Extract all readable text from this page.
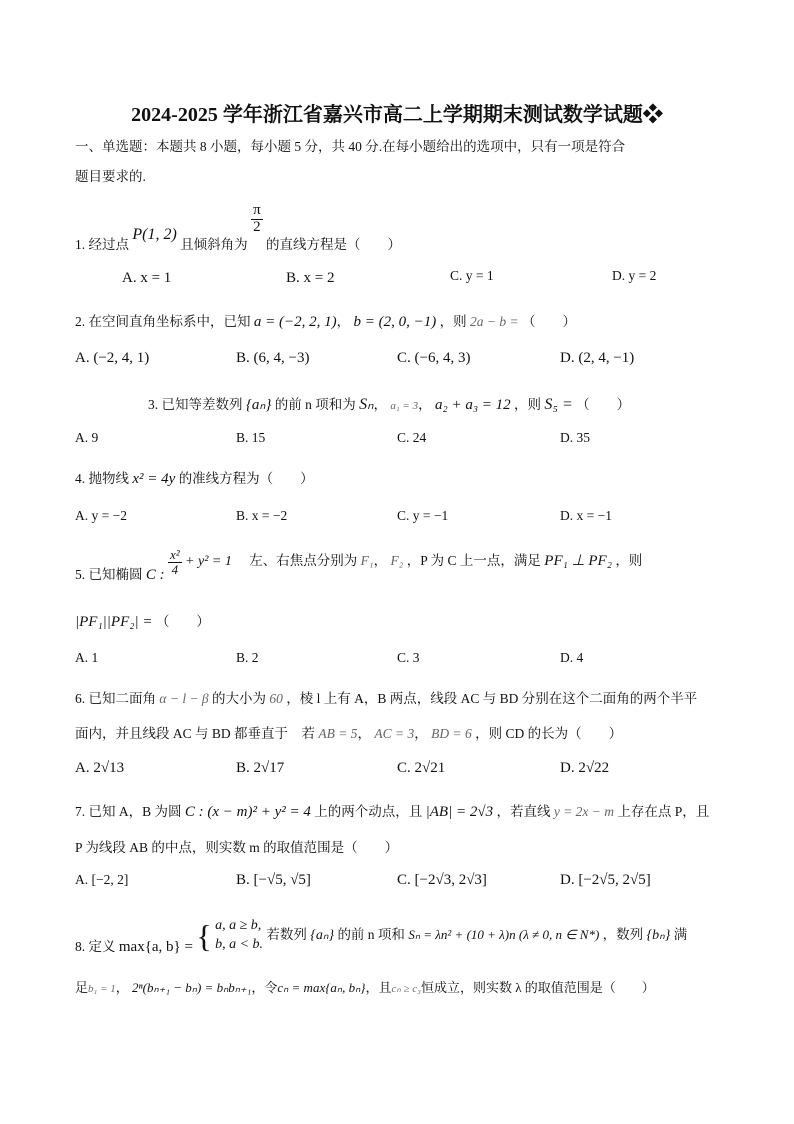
2024-2025 学年浙江省嘉兴市高二上学期期末测试数学试题❖
一、单选题：本题共 8 小题，每小题 5 分，共 40 分.在每小题给出的选项中，只有一项是符合
题目要求的.
1. 经过点 P(1, 2) 且倾斜角为
$\frac{\pi}{2}$
的直线方程是（　　）
A. x = 1	B. x = 2	C. y = 1	D. y = 2
2. 在空间直角坐标系中，已知 a = (−2, 2, 1)， b = (2, 0, −1) ，则 2a − b = （　　）
A. (−2, 4, 1)	B. (6, 4, −3)	C. (−6, 4, 3)	D. (2, 4, −1)
3. 已知等差数列 {aₙ} 的前 n 项和为 Sₙ， a₁ = 3， a₂ + a₃ = 12 ，则 S₅ = （　　）
A. 9	B. 15	C. 24	D. 35
4. 抛物线 x² = 4y 的准线方程为（　　）
A. y = −2	B. x = −2	C. y = −1	D. x = −1
5. 已知椭圆 C : $\frac{\text{x²}}{4} + y^2 = 1$ 左、右焦点分别为 F₁， F₂ ，P 为 C 上一点，满足 PF₁ ⊥ PF₂ ，则
|PF₁||PF₂| = （　　）
A. 1	B. 2	C. 3	D. 4
6. 已知二面角 α − l − β 的大小为 60 ，棱 l 上有 A，B 两点，线段 AC 与 BD 分别在这个二面角的两个半平
面内，并且线段 AC 与 BD 都垂直于　若 AB = 5， AC = 3， BD = 6 ，则 CD 的长为（　　）
A. 2√13	B. 2√17	C. 2√21	D. 2√22
7. 已知 A，B 为圆 C : (x − m)² + y² = 4 上的两个动点，且 |AB| = 2√3 ，若直线 y = 2x − m 上存在点 P，且
P 为线段 AB 的中点，则实数 m 的取值范围是（　　）
A. [−2, 2]	B. [−√5, √5]	C. [−2√3, 2√3]	D. [−2√5, 2√5]
8. 定义 max{a, b} = { a, a ≥ b,
b, a < b.
若数列 {aₙ} 的前 n 项和 Sₙ = λn² + (10 + λ)n (λ ≠ 0, n ∈ N*) ，数列 {bₙ} 满
足b₁ = 1， 2ⁿ(bₙ₊₁ − bₙ) = bₙbₙ₊₁，令cₙ = max{aₙ, bₙ}，且cₙ ≥ c₃恒成立，则实数 λ 的取值范围是（　　）
